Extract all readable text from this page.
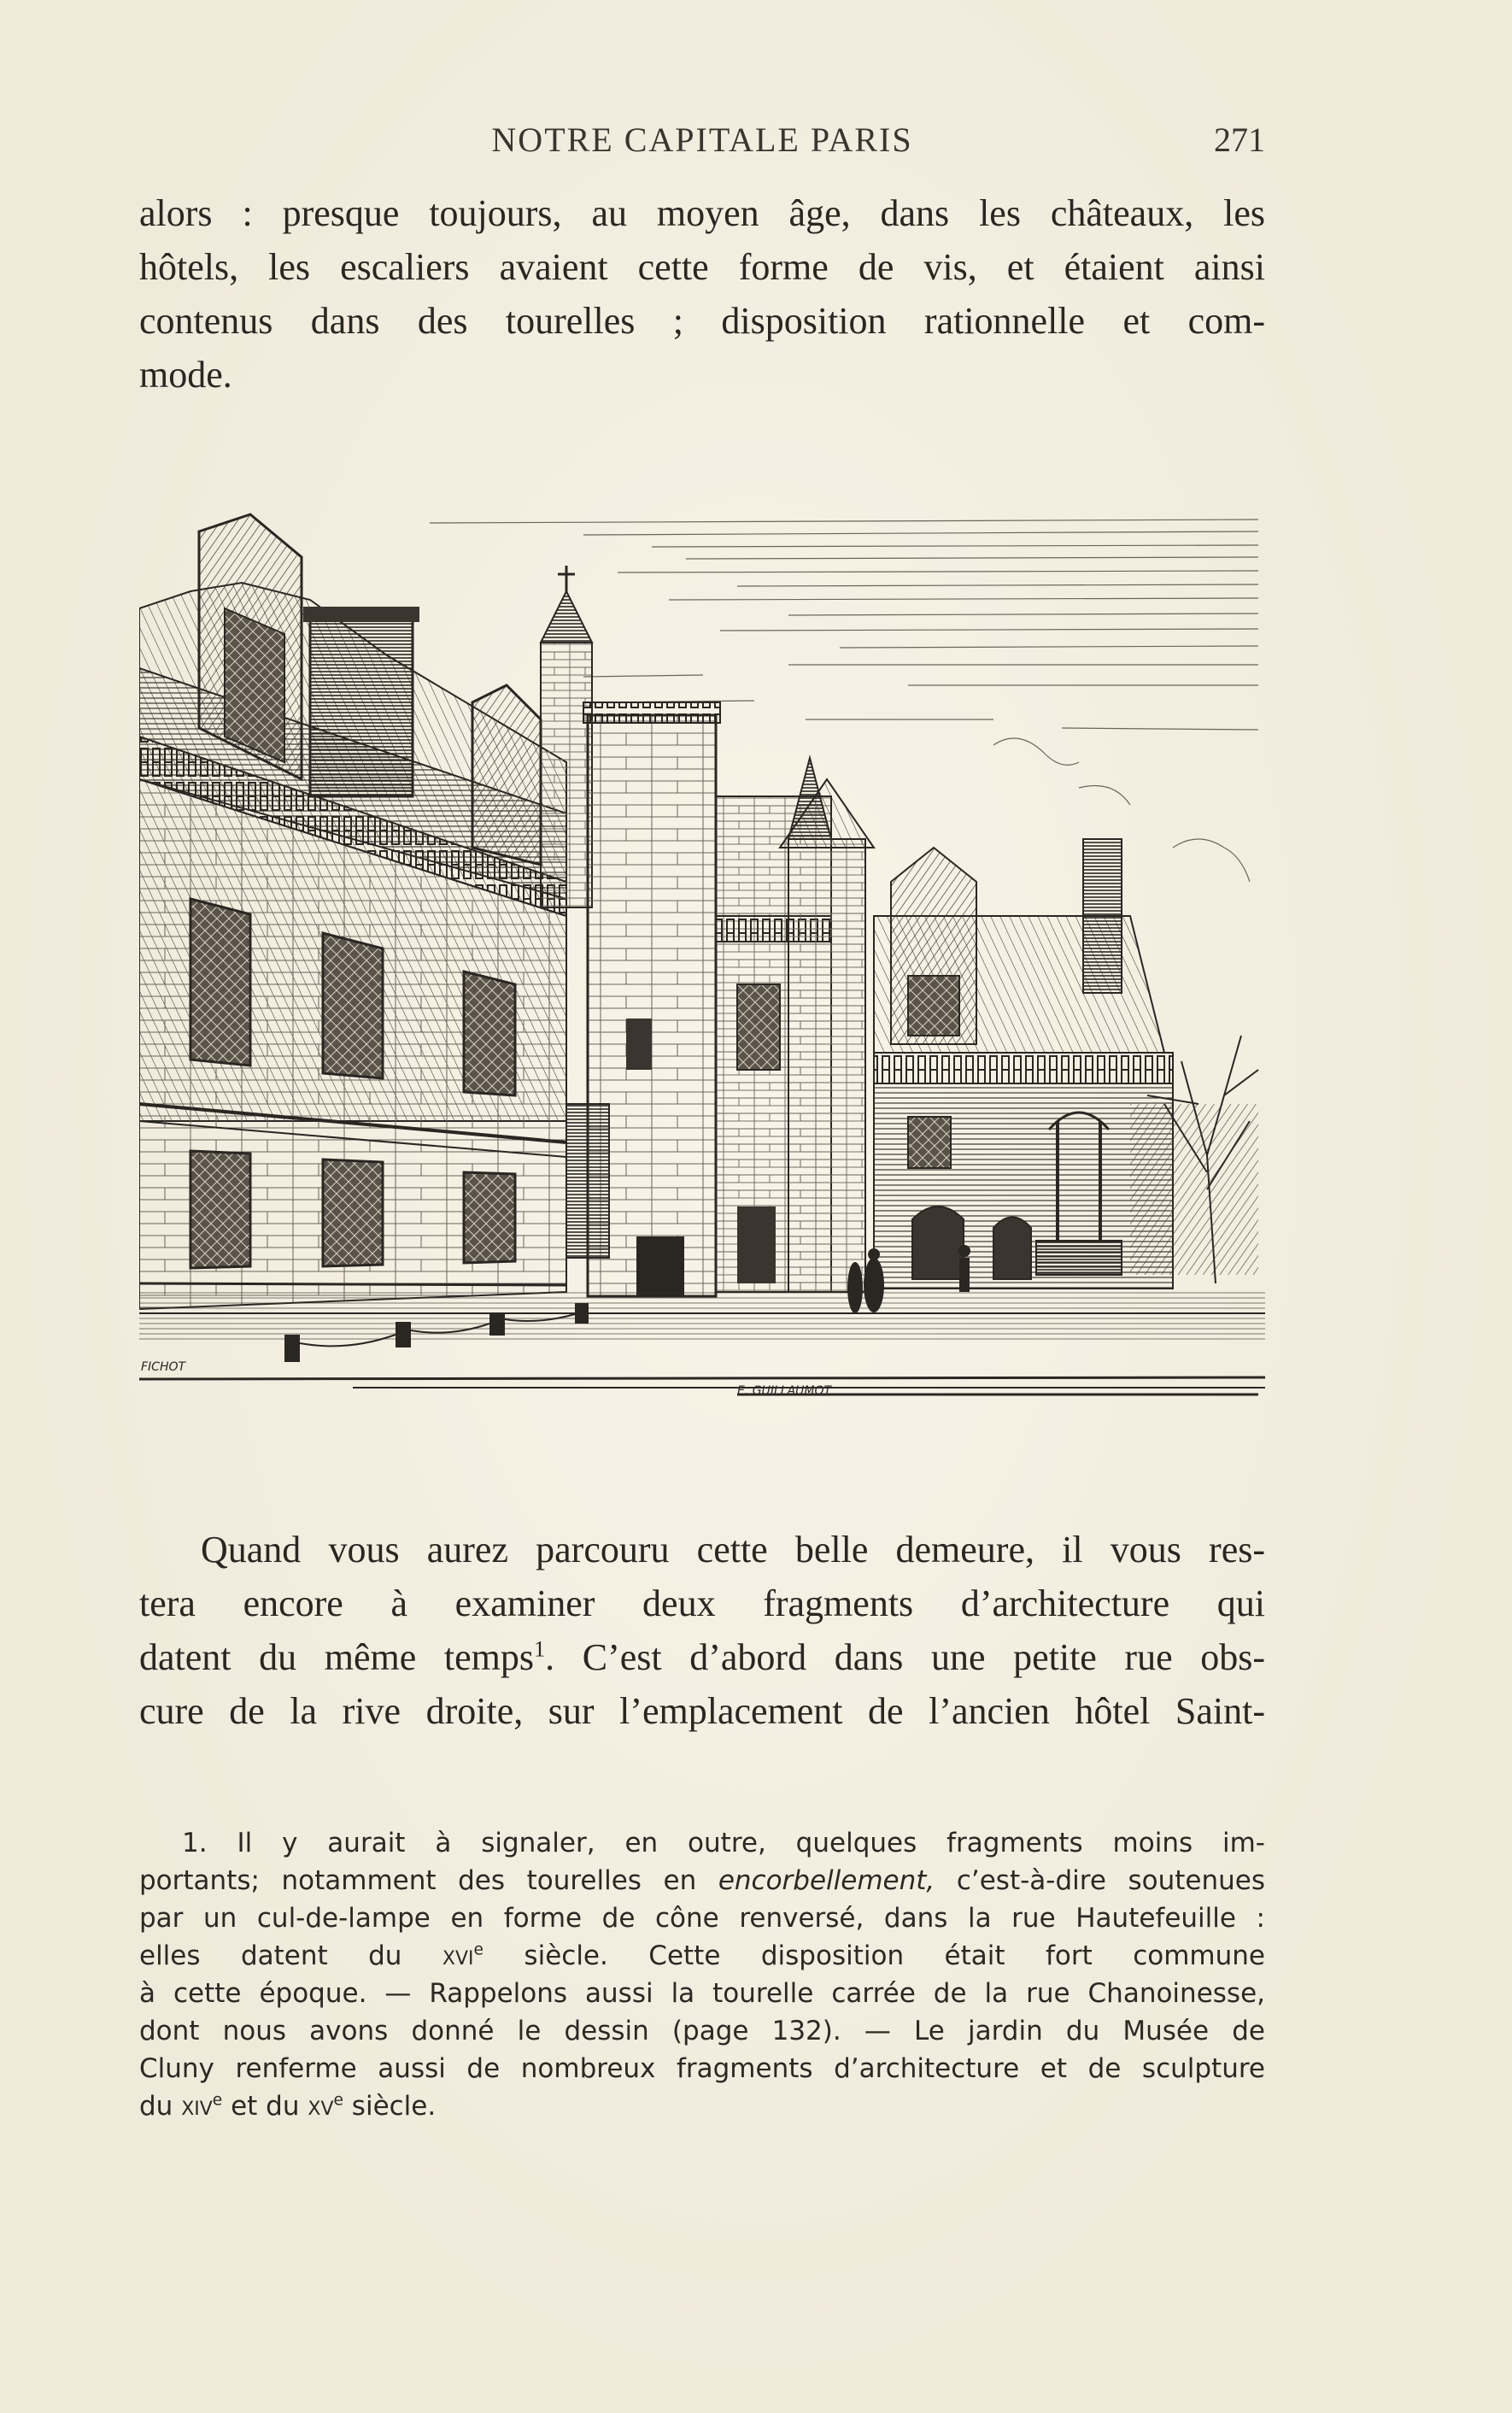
NOTRE CAPITALE PARIS	271
alors : presque toujours, au moyen âge, dans les châteaux, les
hôtels, les escaliers avaient cette forme de vis, et étaient ainsi
contenus dans des tourelles ; disposition rationnelle et com-
mode.
FICHOT
E. GUILLAUMOT
Quand vous aurez parcouru cette belle demeure, il vous res-
tera encore à examiner deux fragments d’architecture qui
datent du même temps$^1$. C’est d’abord dans une petite rue obs-
cure de la rive droite, sur l’emplacement de l’ancien hôtel Saint-
1. Il y aurait à signaler, en outre, quelques fragments moins im-
portants; notamment des tourelles en encorbellement, c’est-à-dire soutenues
par un cul-de-lampe en forme de cône renversé, dans la rue Hautefeuille :
elles datent du xvi$^e$ siècle. Cette disposition était fort commune
à cette époque. — Rappelons aussi la tourelle carrée de la rue Chanoinesse,
dont nous avons donné le dessin (page 132). — Le jardin du Musée de
Cluny renferme aussi de nombreux fragments d’architecture et de sculpture
du xiv$^e$ et du $xv^e$ siècle.
